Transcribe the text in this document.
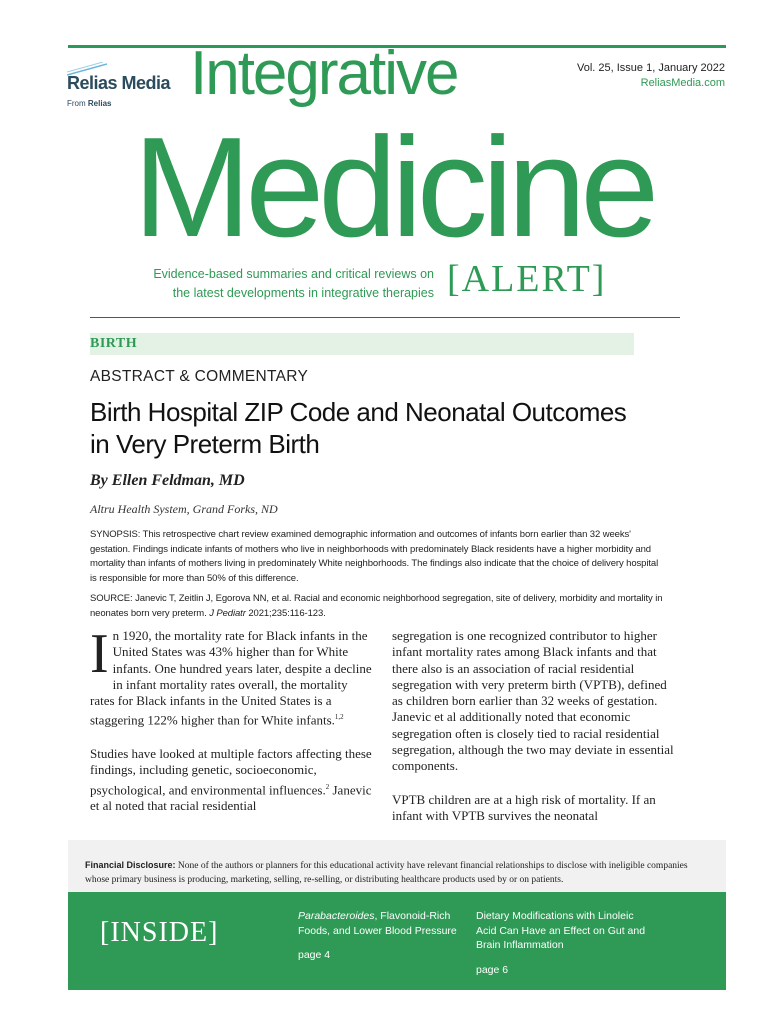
Relias Media
From Relias Integrative
Medicine
Vol. 25, Issue 1, January 2022
ReliasMedia.com
Evidence-based summaries and critical reviews on
the latest developments in integrative therapies [ALERT]
BIRTH
ABSTRACT & COMMENTARY
Birth Hospital ZIP Code and Neonatal Outcomes in Very Preterm Birth
By Ellen Feldman, MD
Altru Health System, Grand Forks, ND
SYNOPSIS: This retrospective chart review examined demographic information and outcomes of infants born earlier than 32 weeks' gestation. Findings indicate infants of mothers who live in neighborhoods with predominately Black residents have a higher morbidity and mortality than infants of mothers living in predominately White neighborhoods. The findings also indicate that the choice of delivery hospital is responsible for more than 50% of this difference.
SOURCE: Janevic T, Zeitlin J, Egorova NN, et al. Racial and economic neighborhood segregation, site of delivery, morbidity and mortality in neonates born very preterm. J Pediatr 2021;235:116-123.

In 1920, the mortality rate for Black infants in the United States was 43% higher than for White infants. One hundred years later, despite a decline in infant mortality rates overall, the mortality rates for Black infants in the United States is a staggering 122% higher than for White infants.$^{1,2}$

Studies have looked at multiple factors affecting these findings, including genetic, socioeconomic, psychological, and environmental influences.$^2$ Janevic et al noted that racial residential

segregation is one recognized contributor to higher infant mortality rates among Black infants and that there also is an association of racial residential segregation with very preterm birth (VPTB), defined as children born earlier than 32 weeks of gestation. Janevic et al additionally noted that economic segregation often is closely tied to racial residential segregation, although the two may deviate in essential components.

VPTB children are at a high risk of mortality. If an infant with VPTB survives the neonatal

Financial Disclosure: None of the authors or planners for this educational activity have relevant financial relationships to disclose with ineligible companies whose primary business is producing, marketing, selling, re-selling, or distributing healthcare products used by or on patients.
[INSIDE]
Parabacteroides, Flavonoid-Rich Foods, and Lower Blood Pressure
page 4
Dietary Modifications with Linoleic Acid Can Have an Effect on Gut and Brain Inflammation
page 6
